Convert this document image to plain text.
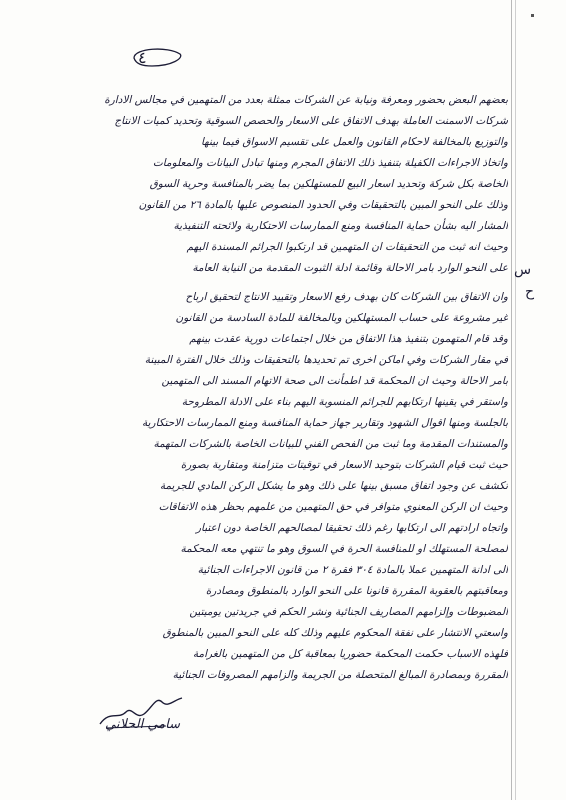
٤
بعضهم البعض بحضور ومعرفة ونيابة عن الشركات ممثلة بعدد من المتهمين في مجالس الادارة
شركات الاسمنت العاملة بهدف الاتفاق على الاسعار والحصص السوقية وتحديد كميات الانتاج
والتوزيع بالمخالفة لاحكام القانون والعمل على تقسيم الاسواق فيما بينها
واتخاذ الاجراءات الكفيلة بتنفيذ ذلك الاتفاق المجرم ومنها تبادل البيانات والمعلومات
الخاصة بكل شركة وتحديد اسعار البيع للمستهلكين بما يضر بالمنافسة وحرية السوق
وذلك على النحو المبين بالتحقيقات وفي الحدود المنصوص عليها بالمادة ٢٦ من القانون
المشار اليه بشأن حماية المنافسة ومنع الممارسات الاحتكارية ولائحته التنفيذية
وحيث انه ثبت من التحقيقات ان المتهمين قد ارتكبوا الجرائم المسندة اليهم
على النحو الوارد بامر الاحالة وقائمة ادلة الثبوت المقدمة من النيابة العامة
وان الاتفاق بين الشركات كان بهدف رفع الاسعار وتقييد الانتاج لتحقيق ارباح
غير مشروعة على حساب المستهلكين وبالمخالفة للمادة السادسة من القانون
وقد قام المتهمون بتنفيذ هذا الاتفاق من خلال اجتماعات دورية عقدت بينهم
في مقار الشركات وفي اماكن اخرى تم تحديدها بالتحقيقات وذلك خلال الفترة المبينة
بامر الاحالة وحيث ان المحكمة قد اطمأنت الى صحة الاتهام المسند الى المتهمين
واستقر في يقينها ارتكابهم للجرائم المنسوبة اليهم بناء على الادلة المطروحة
بالجلسة ومنها اقوال الشهود وتقارير جهاز حماية المنافسة ومنع الممارسات الاحتكارية
والمستندات المقدمة وما ثبت من الفحص الفني للبيانات الخاصة بالشركات المتهمة
حيث ثبت قيام الشركات بتوحيد الاسعار في توقيتات متزامنة ومتقاربة بصورة
تكشف عن وجود اتفاق مسبق بينها على ذلك وهو ما يشكل الركن المادي للجريمة
وحيث ان الركن المعنوي متوافر في حق المتهمين من علمهم بحظر هذه الاتفاقات
واتجاه ارادتهم الى ارتكابها رغم ذلك تحقيقا لمصالحهم الخاصة دون اعتبار
لمصلحة المستهلك او للمنافسة الحرة في السوق وهو ما تنتهي معه المحكمة
الى ادانة المتهمين عملا بالمادة ٣٠٤ فقرة ٢ من قانون الاجراءات الجنائية
ومعاقبتهم بالعقوبة المقررة قانونا على النحو الوارد بالمنطوق ومصادرة
المضبوطات وإلزامهم المصاريف الجنائية ونشر الحكم في جريدتين يوميتين
واسعتي الانتشار على نفقة المحكوم عليهم وذلك كله على النحو المبين بالمنطوق
فلهذه الاسباب حكمت المحكمة حضوريا بمعاقبة كل من المتهمين بالغرامة
المقررة وبمصادرة المبالغ المتحصلة من الجريمة والزامهم المصروفات الجنائية
س
ح
سامي الحلاني
